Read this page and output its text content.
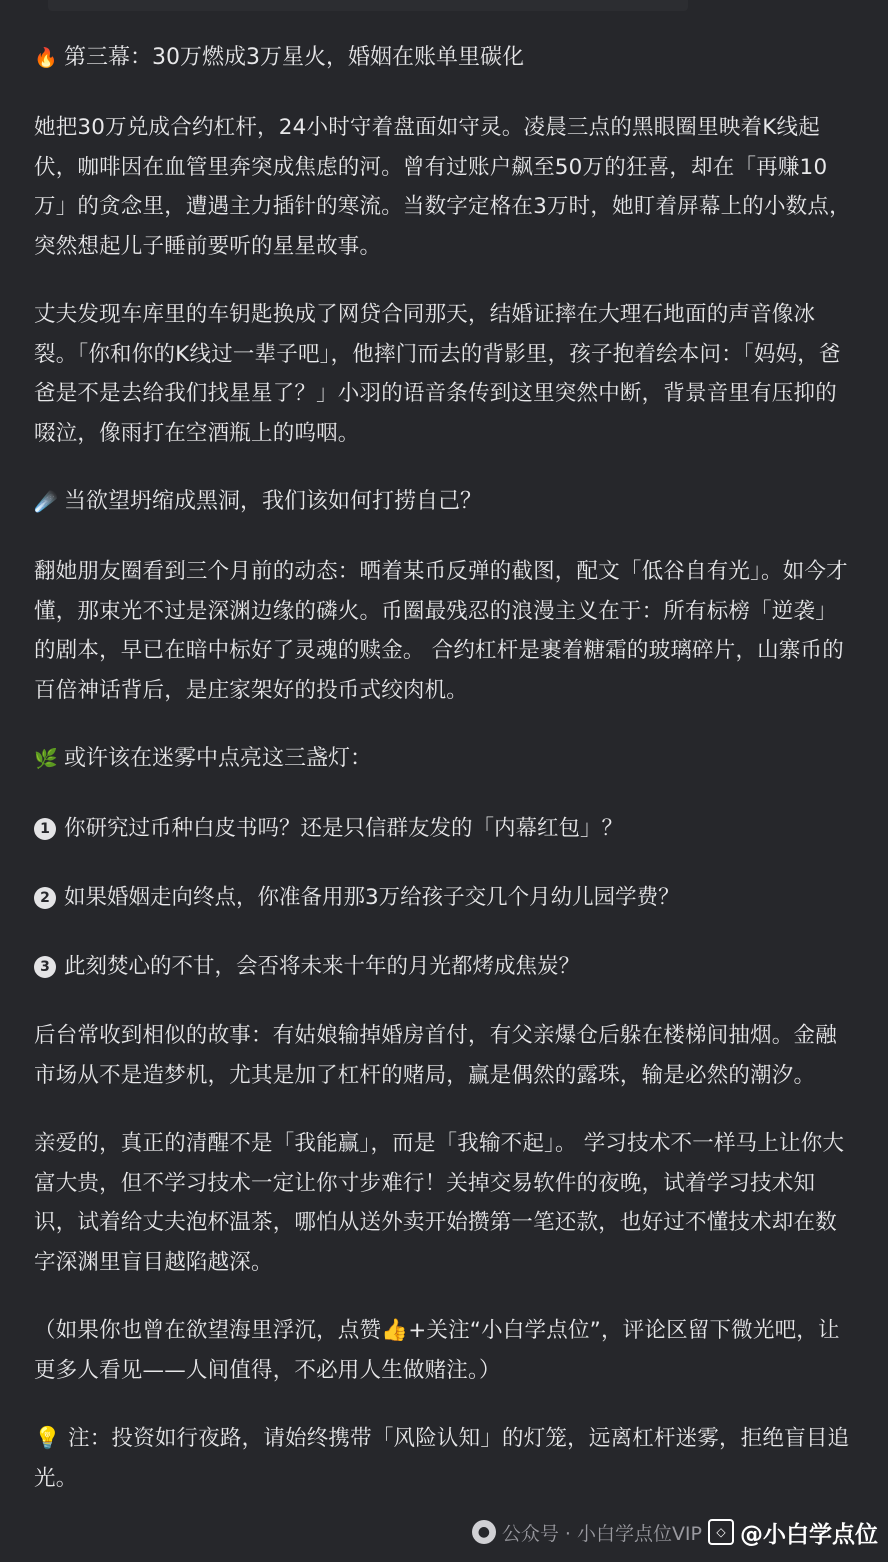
🔥 第三幕：30万燃成3万星火，婚姻在账单里碳化

她把30万兑成合约杠杆，24小时守着盘面如守灵。凌晨三点的黑眼圈里映着K线起伏，咖啡因在血管里奔突成焦虑的河。曾有过账户飙至50万的狂喜，却在「再赚10万」的贪念里，遭遇主力插针的寒流。当数字定格在3万时，她盯着屏幕上的小数点，突然想起儿子睡前要听的星星故事。

丈夫发现车库里的车钥匙换成了网贷合同那天，结婚证摔在大理石地面的声音像冰裂。「你和你的K线过一辈子吧」，他摔门而去的背影里，孩子抱着绘本问：「妈妈，爸爸是不是去给我们找星星了？」小羽的语音条传到这里突然中断，背景音里有压抑的啜泣，像雨打在空酒瓶上的呜咽。

☄️ 当欲望坍缩成黑洞，我们该如何打捞自己？

翻她朋友圈看到三个月前的动态：晒着某币反弹的截图，配文「低谷自有光」。如今才懂，那束光不过是深渊边缘的磷火。币圈最残忍的浪漫主义在于：所有标榜「逆袭」的剧本，早已在暗中标好了灵魂的赎金。 合约杠杆是裹着糖霜的玻璃碎片，山寨币的百倍神话背后，是庄家架好的投币式绞肉机。

🌿 或许该在迷雾中点亮这三盏灯：
1 你研究过币种白皮书吗？还是只信群友发的「内幕红包」？
2 如果婚姻走向终点，你准备用那3万给孩子交几个月幼儿园学费？
3 此刻焚心的不甘，会否将未来十年的月光都烤成焦炭？

后台常收到相似的故事：有姑娘输掉婚房首付，有父亲爆仓后躲在楼梯间抽烟。金融市场从不是造梦机，尤其是加了杠杆的赌局，赢是偶然的露珠，输是必然的潮汐。

亲爱的，真正的清醒不是「我能赢」，而是「我输不起」。 学习技术不一样马上让你大富大贵，但不学习技术一定让你寸步难行！关掉交易软件的夜晚，试着学习技术知识，试着给丈夫泡杯温茶，哪怕从送外卖开始攒第一笔还款，也好过不懂技术却在数字深渊里盲目越陷越深。

（如果你也曾在欲望海里浮沉，点赞👍+关注“小白学点位”，评论区留下微光吧，让更多人看见——人间值得，不必用人生做赌注。）

💡 注：投资如行夜路，请始终携带「风险认知」的灯笼，远离杠杆迷雾，拒绝盲目追光。

● 公众号 · 小白学点位VIP	◇ @小白学点位
